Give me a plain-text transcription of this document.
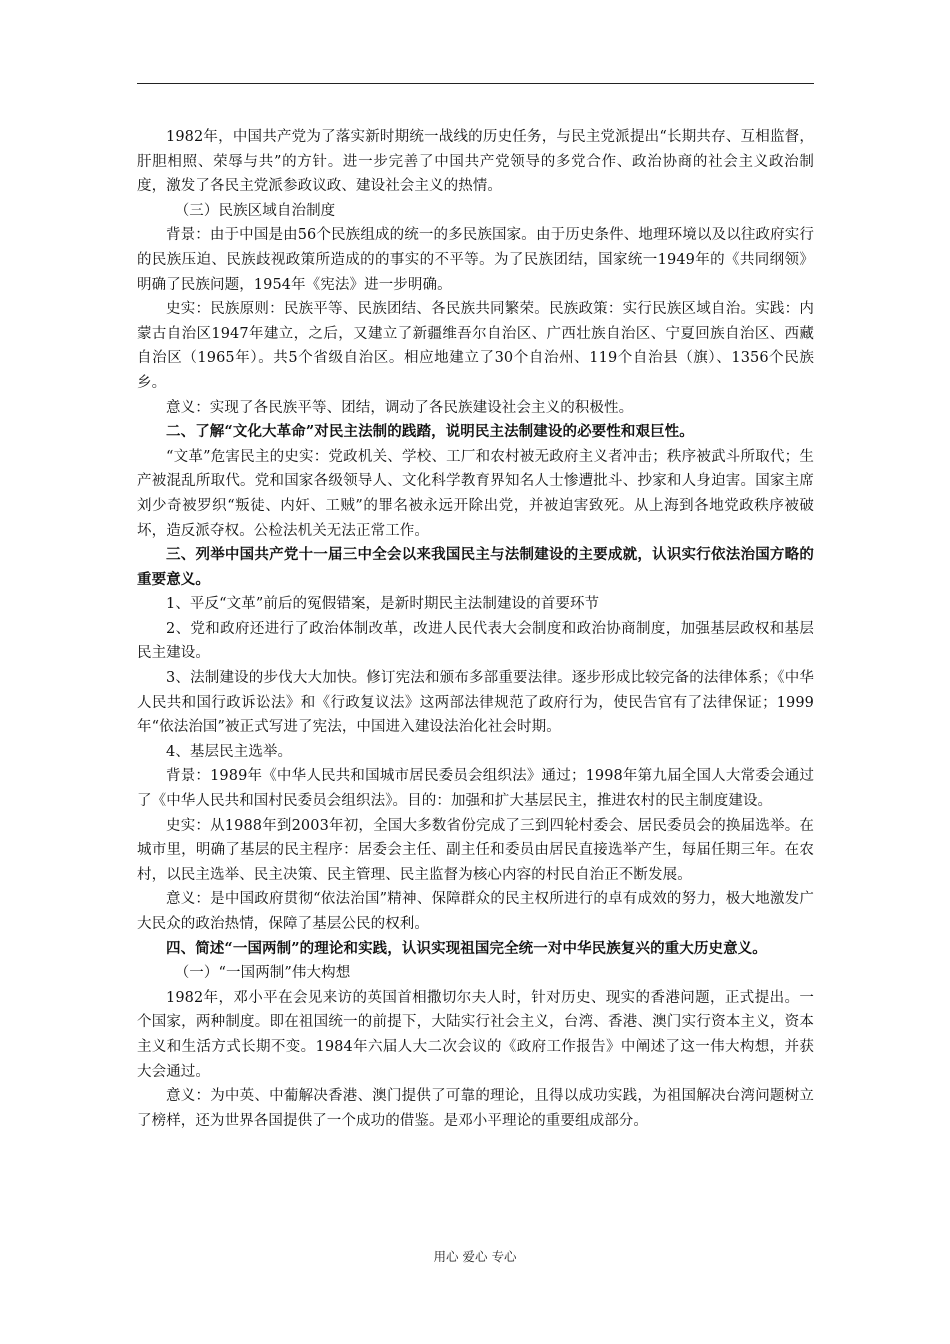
1982年，中国共产党为了落实新时期统一战线的历史任务，与民主党派提出“长期共存、互相监督，肝胆相照、荣辱与共”的方针。进一步完善了中国共产党领导的多党合作、政治协商的社会主义政治制度，激发了各民主党派参政议政、建设社会主义的热情。

（三）民族区域自治制度

背景：由于中国是由56个民族组成的统一的多民族国家。由于历史条件、地理环境以及以往政府实行的民族压迫、民族歧视政策所造成的的事实的不平等。为了民族团结，国家统一1949年的《共同纲领》明确了民族问题，1954年《宪法》进一步明确。

史实：民族原则：民族平等、民族团结、各民族共同繁荣。民族政策：实行民族区域自治。实践：内蒙古自治区1947年建立，之后，又建立了新疆维吾尔自治区、广西壮族自治区、宁夏回族自治区、西藏自治区（1965年）。共5个省级自治区。相应地建立了30个自治州、119个自治县（旗）、1356个民族乡。

意义：实现了各民族平等、团结，调动了各民族建设社会主义的积极性。

二、了解“文化大革命”对民主法制的践踏，说明民主法制建设的必要性和艰巨性。

“文革”危害民主的史实：党政机关、学校、工厂和农村被无政府主义者冲击；秩序被武斗所取代；生产被混乱所取代。党和国家各级领导人、文化科学教育界知名人士惨遭批斗、抄家和人身迫害。国家主席刘少奇被罗织“叛徒、内奸、工贼”的罪名被永远开除出党，并被迫害致死。从上海到各地党政秩序被破坏，造反派夺权。公检法机关无法正常工作。

三、列举中国共产党十一届三中全会以来我国民主与法制建设的主要成就，认识实行依法治国方略的重要意义。

1、平反“文革”前后的冤假错案，是新时期民主法制建设的首要环节

2、党和政府还进行了政治体制改革，改进人民代表大会制度和政治协商制度，加强基层政权和基层民主建设。

3、法制建设的步伐大大加快。修订宪法和颁布多部重要法律。逐步形成比较完备的法律体系；《中华人民共和国行政诉讼法》和《行政复议法》这两部法律规范了政府行为，使民告官有了法律保证；1999年“依法治国”被正式写进了宪法，中国进入建设法治化社会时期。

4、基层民主选举。

背景：1989年《中华人民共和国城市居民委员会组织法》通过；1998年第九届全国人大常委会通过了《中华人民共和国村民委员会组织法》。目的：加强和扩大基层民主，推进农村的民主制度建设。

史实：从1988年到2003年初，全国大多数省份完成了三到四轮村委会、居民委员会的换届选举。在城市里，明确了基层的民主程序：居委会主任、副主任和委员由居民直接选举产生，每届任期三年。在农村，以民主选举、民主决策、民主管理、民主监督为核心内容的村民自治正不断发展。

意义：是中国政府贯彻“依法治国”精神、保障群众的民主权所进行的卓有成效的努力，极大地激发广大民众的政治热情，保障了基层公民的权利。

四、简述“一国两制”的理论和实践，认识实现祖国完全统一对中华民族复兴的重大历史意义。

（一）“一国两制”伟大构想

1982年，邓小平在会见来访的英国首相撒切尔夫人时，针对历史、现实的香港问题，正式提出。一个国家，两种制度。即在祖国统一的前提下，大陆实行社会主义，台湾、香港、澳门实行资本主义，资本主义和生活方式长期不变。1984年六届人大二次会议的《政府工作报告》中阐述了这一伟大构想，并获大会通过。

意义：为中英、中葡解决香港、澳门提供了可靠的理论，且得以成功实践，为祖国解决台湾问题树立了榜样，还为世界各国提供了一个成功的借鉴。是邓小平理论的重要组成部分。

用心 爱心 专心
